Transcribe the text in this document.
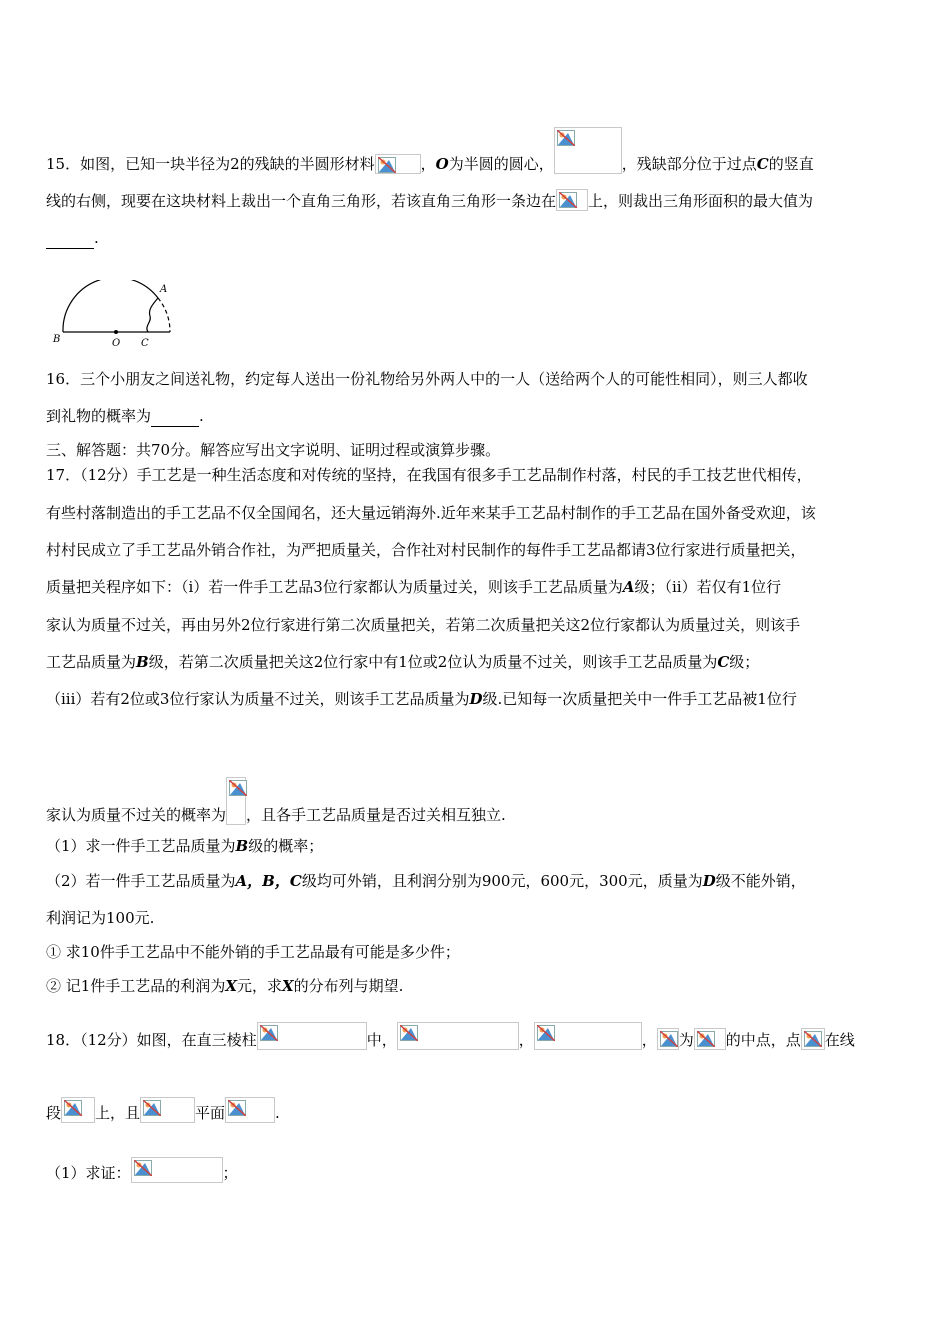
15．如图，已知一块半径为2的残缺的半圆形材料	，O为半圆的圆心，	，残缺部分位于过点C的竖直
线的右侧，现要在这块材料上裁出一个直角三角形，若该直角三角形一条边在 上，则裁出三角形面积的最大值为
.
B	O C
A
16．三个小朋友之间送礼物，约定每人送出一份礼物给另外两人中的一人（送给两个人的可能性相同），则三人都收
到礼物的概率为	.
三、解答题：共70分。解答应写出文字说明、证明过程或演算步骤。
17．（12分）手工艺是一种生活态度和对传统的坚持，在我国有很多手工艺品制作村落，村民的手工技艺世代相传，
有些村落制造出的手工艺品不仅全国闻名，还大量远销海外.近年来某手工艺品村制作的手工艺品在国外备受欢迎，该
村村民成立了手工艺品外销合作社，为严把质量关，合作社对村民制作的每件手工艺品都请3位行家进行质量把关，
质量把关程序如下：（i）若一件手工艺品3位行家都认为质量过关，则该手工艺品质量为A级；（ii）若仅有1位行
家认为质量不过关，再由另外2位行家进行第二次质量把关，若第二次质量把关这2位行家都认为质量过关，则该手
工艺品质量为B级，若第二次质量把关这2位行家中有1位或2位认为质量不过关，则该手工艺品质量为C级；
（iii）若有2位或3位行家认为质量不过关，则该手工艺品质量为D级.已知每一次质量把关中一件手工艺品被1位行
家认为质量不过关的概率为 ，且各手工艺品质量是否过关相互独立.
（1）求一件手工艺品质量为B级的概率；
（2）若一件手工艺品质量为A，B，C级均可外销，且利润分别为900元，600元，300元，质量为D级不能外销，
利润记为100元.
① 求10件手工艺品中不能外销的手工艺品最有可能是多少件；
② 记1件手工艺品的利润为X元，求X的分布列与期望.
18．（12分）如图，在直三棱柱	中，	，	， 为 的中点，点 在线
段 上，且	平面	.
（1）求证：	；
